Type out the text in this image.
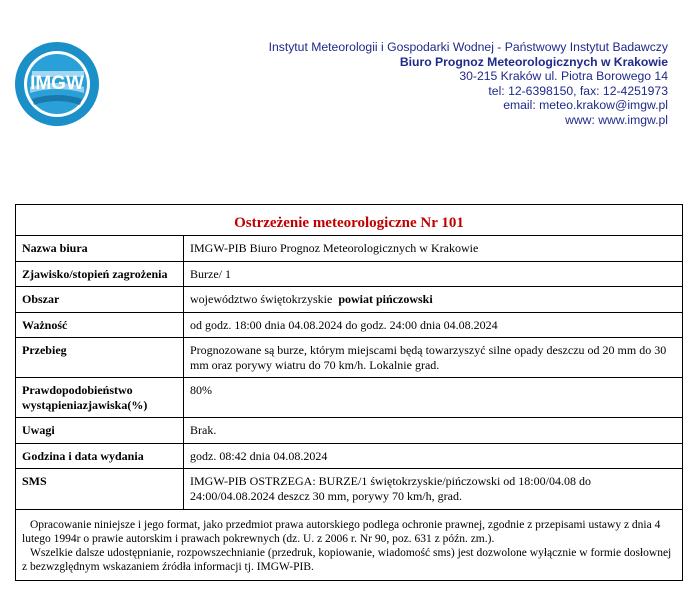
IMGW
Instytut Meteorologii i Gospodarki Wodnej - Państwowy Instytut Badawczy
Biuro Prognoz Meteorologicznych w Krakowie
30-215 Kraków ul. Piotra Borowego 14
tel: 12-6398150, fax: 12-4251973
email: meteo.krakow@imgw.pl
www: www.imgw.pl
Ostrzeżenie meteorologiczne Nr 101
Nazwa biura	IMGW-PIB Biuro Prognoz Meteorologicznych w Krakowie
Zjawisko/stopień zagrożenia	Burze/ 1
Obszar	województwo świętokrzyskie powiat pińczowski
Ważność	od godz. 18:00 dnia 04.08.2024 do godz. 24:00 dnia 04.08.2024
Przebieg	Prognozowane są burze, którym miejscami będą towarzyszyć silne opady deszczu od 20 mm do 30 mm oraz porywy wiatru do 70 km/h. Lokalnie grad.
Prawdopodobieństwo wystąpieniazjawiska(%)	80%
Uwagi	Brak.
Godzina i data wydania	godz. 08:42 dnia 04.08.2024
SMS	IMGW-PIB OSTRZEGA: BURZE/1 świętokrzyskie/pińczowski od 18:00/04.08 do 24:00/04.08.2024 deszcz 30 mm, porywy 70 km/h, grad.

Opracowanie niniejsze i jego format, jako przedmiot prawa autorskiego podlega ochronie prawnej, zgodnie z przepisami ustawy z dnia 4 lutego 1994r o prawie autorskim i prawach pokrewnych (dz. U. z 2006 r. Nr 90, poz. 631 z późn. zm.).

Wszelkie dalsze udostępnianie, rozpowszechnianie (przedruk, kopiowanie, wiadomość sms) jest dozwolone wyłącznie w formie dosłownej z bezwzględnym wskazaniem źródła informacji tj. IMGW-PIB.
